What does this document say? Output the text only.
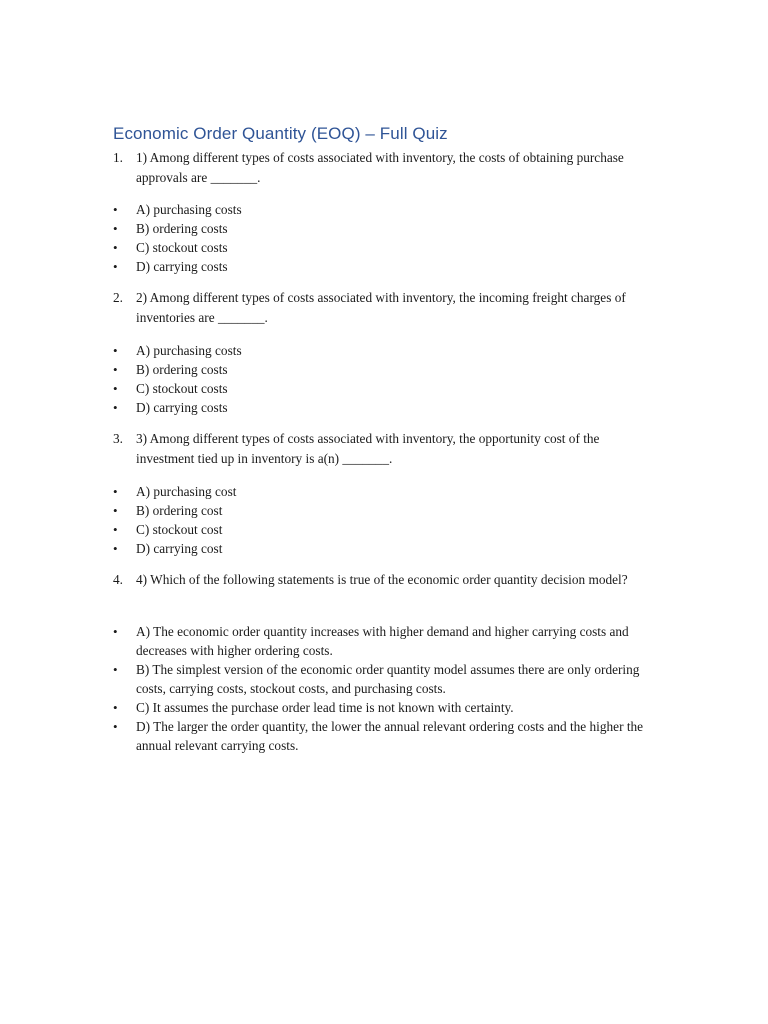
Economic Order Quantity (EOQ) – Full Quiz
1. 1) Among different types of costs associated with inventory, the costs of obtaining purchase approvals are _______.
• A) purchasing costs
• B) ordering costs
• C) stockout costs
• D) carrying costs
2. 2) Among different types of costs associated with inventory, the incoming freight charges of inventories are _______.
• A) purchasing costs
• B) ordering costs
• C) stockout costs
• D) carrying costs
3. 3) Among different types of costs associated with inventory, the opportunity cost of the investment tied up in inventory is a(n) _______.
• A) purchasing cost
• B) ordering cost
• C) stockout cost
• D) carrying cost
4. 4) Which of the following statements is true of the economic order quantity decision model?
• A) The economic order quantity increases with higher demand and higher carrying costs and decreases with higher ordering costs.
• B) The simplest version of the economic order quantity model assumes there are only ordering costs, carrying costs, stockout costs, and purchasing costs.
• C) It assumes the purchase order lead time is not known with certainty.
• D) The larger the order quantity, the lower the annual relevant ordering costs and the higher the annual relevant carrying costs.
